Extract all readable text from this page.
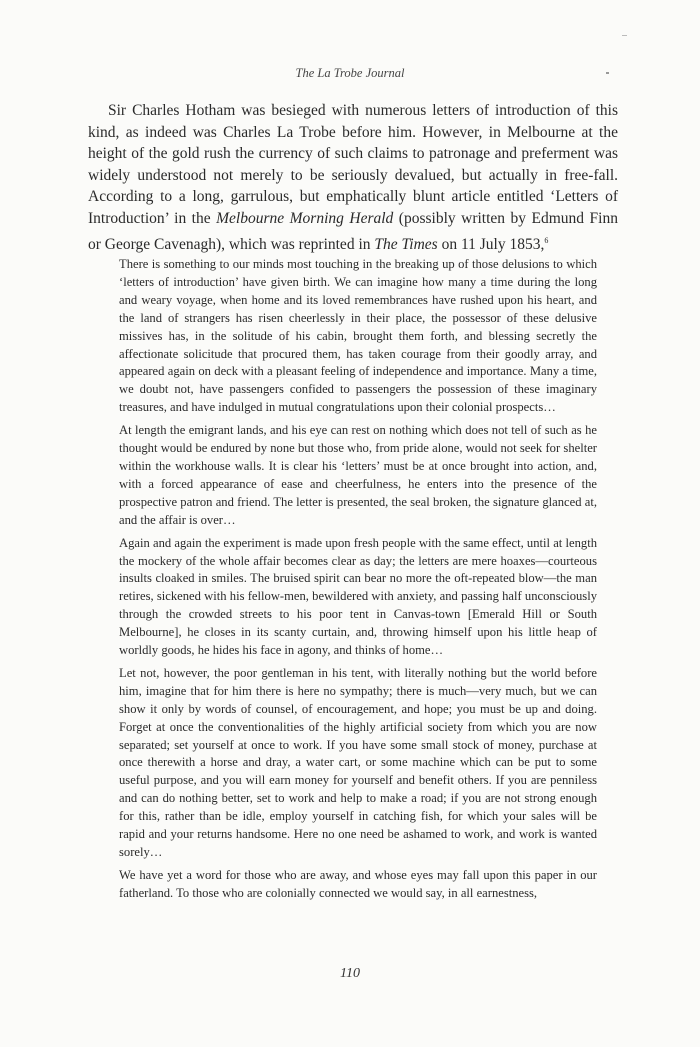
The La Trobe Journal

Sir Charles Hotham was besieged with numerous letters of introduction of this kind, as indeed was Charles La Trobe before him. However, in Melbourne at the height of the gold rush the currency of such claims to patronage and preferment was widely understood not merely to be seriously devalued, but actually in free-fall. According to a long, garrulous, but emphatically blunt article entitled ‘Letters of Introduction’ in the Melbourne Morning Herald (possibly written by Edmund Finn or George Cavenagh), which was reprinted in The Times on 11 July 1853,$^6$

There is something to our minds most touching in the breaking up of those delusions to which ‘letters of introduction’ have given birth. We can imagine how many a time during the long and weary voyage, when home and its loved remembrances have rushed upon his heart, and the land of strangers has risen cheerlessly in their place, the possessor of these delusive missives has, in the solitude of his cabin, brought them forth, and blessing secretly the affectionate solicitude that procured them, has taken courage from their goodly array, and appeared again on deck with a pleasant feeling of independence and importance. Many a time, we doubt not, have passengers confided to passengers the possession of these imaginary treasures, and have indulged in mutual congratulations upon their colonial prospects…

At length the emigrant lands, and his eye can rest on nothing which does not tell of such as he thought would be endured by none but those who, from pride alone, would not seek for shelter within the workhouse walls. It is clear his ‘letters’ must be at once brought into action, and, with a forced appearance of ease and cheerfulness, he enters into the presence of the prospective patron and friend. The letter is presented, the seal broken, the signature glanced at, and the affair is over…

Again and again the experiment is made upon fresh people with the same effect, until at length the mockery of the whole affair becomes clear as day; the letters are mere hoaxes—courteous insults cloaked in smiles. The bruised spirit can bear no more the oft-repeated blow—the man retires, sickened with his fellow-men, bewildered with anxiety, and passing half unconsciously through the crowded streets to his poor tent in Canvas-town [Emerald Hill or South Melbourne], he closes in its scanty curtain, and, throwing himself upon his little heap of worldly goods, he hides his face in agony, and thinks of home…

Let not, however, the poor gentleman in his tent, with literally nothing but the world before him, imagine that for him there is here no sympathy; there is much—very much, but we can show it only by words of counsel, of encouragement, and hope; you must be up and doing. Forget at once the conventionalities of the highly artificial society from which you are now separated; set yourself at once to work. If you have some small stock of money, purchase at once therewith a horse and dray, a water cart, or some machine which can be put to some useful purpose, and you will earn money for yourself and benefit others. If you are penniless and can do nothing better, set to work and help to make a road; if you are not strong enough for this, rather than be idle, employ yourself in catching fish, for which your sales will be rapid and your returns handsome. Here no one need be ashamed to work, and work is wanted sorely…

We have yet a word for those who are away, and whose eyes may fall upon this paper in our fatherland. To those who are colonially connected we would say, in all earnestness,

110
